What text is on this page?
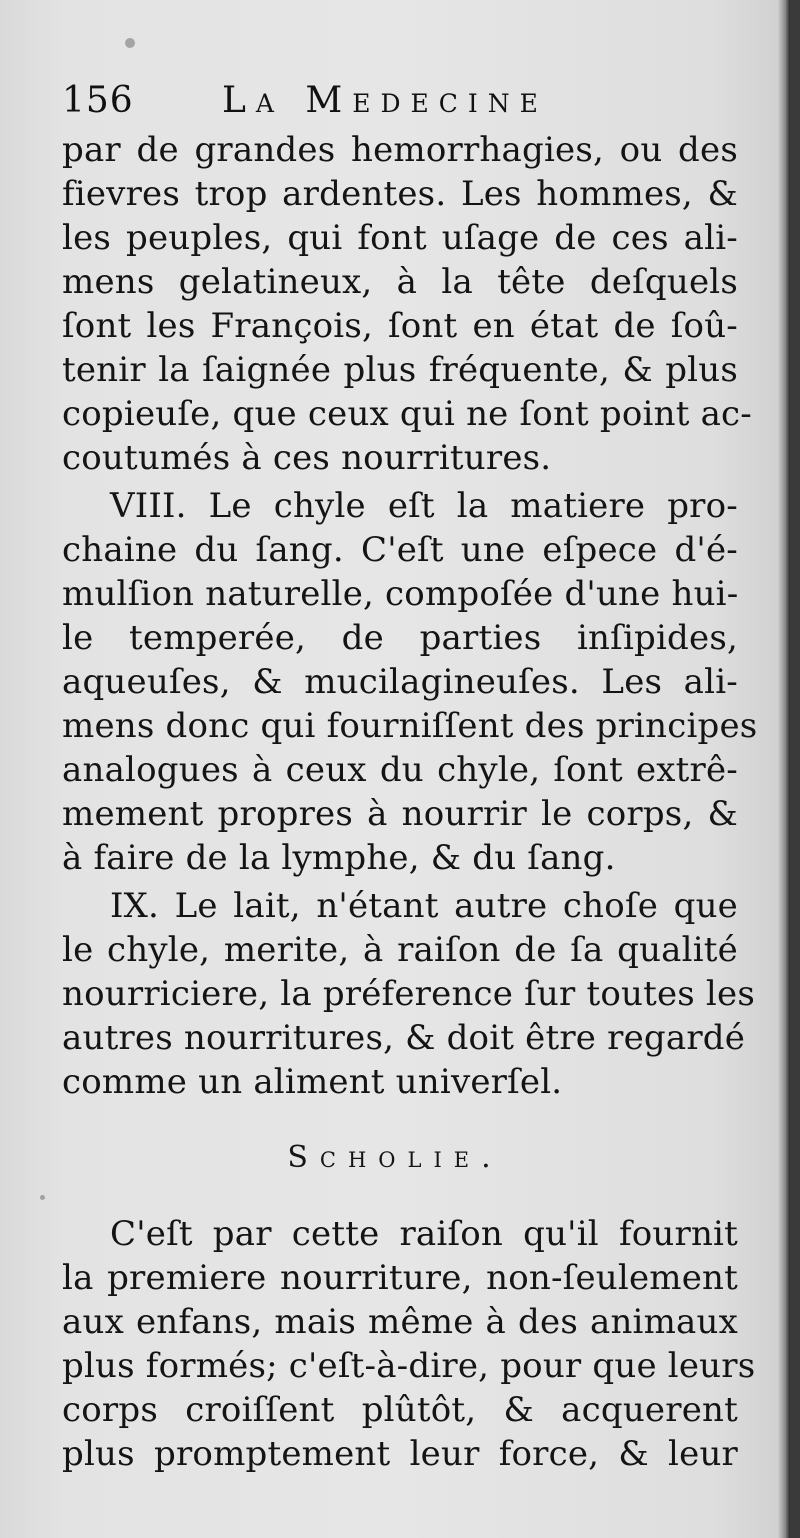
156 La Medecine
par de grandes hemorrhagies, ou des
fievres trop ardentes. Les hommes, &
les peuples, qui font uſage de ces ali-
mens gelatineux, à la tête deſquels
ſont les François, ſont en état de ſoû-
tenir la ſaignée plus fréquente, & plus
copieuſe, que ceux qui ne ſont point ac-
coutumés à ces nourritures.
VIII. Le chyle eſt la matiere pro-
chaine du ſang. C'eſt une eſpece d'é-
mulſion naturelle, compoſée d'une hui-
le temperée, de parties inſipides,
aqueuſes, & mucilagineuſes. Les ali-
mens donc qui fourniſſent des principes
analogues à ceux du chyle, ſont extrê-
mement propres à nourrir le corps, &
à faire de la lymphe, & du ſang.
IX. Le lait, n'étant autre choſe que
le chyle, merite, à raiſon de ſa qualité
nourriciere, la préference ſur toutes les
autres nourritures, & doit être regardé
comme un aliment univerſel.
Scholie.
C'eſt par cette raiſon qu'il fournit
la premiere nourriture, non-ſeulement
aux enfans, mais même à des animaux
plus formés; c'eſt-à-dire, pour que leurs
corps croiſſent plûtôt, & acquerent
plus promptement leur force, & leur
